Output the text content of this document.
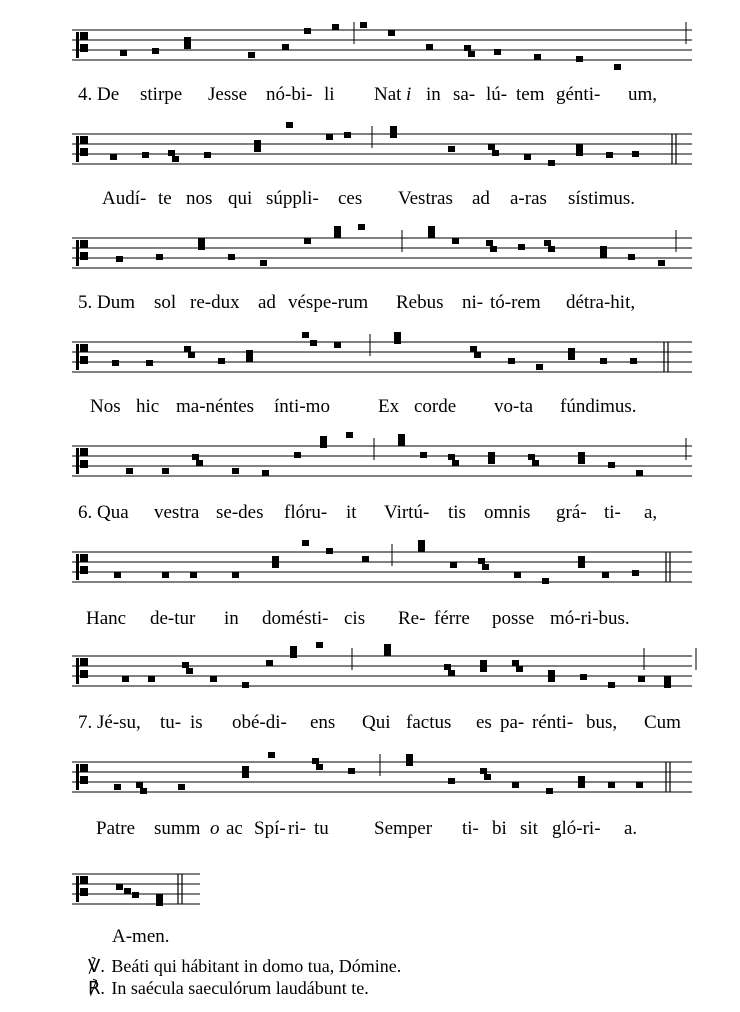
4. De stirpe Jesse nó-bi- li Nat i in sa- lú- tem génti- um,
Audí- te nos qui súppli- ces Vestras ad a-ras sístimus.
5. Dum sol re-dux ad véspe-rum Rebus ni- tó-rem détra-hit,
Nos hic ma-néntes ínti-mo	Ex corde vo-ta fúndimus.
6. Qua vestra se-des flóru- it Virtú- tis omnis grá- ti- a,
Hanc de-tur in domésti- cis Re- férre posse mó-ri-bus.
7. Jé-su, tu- is obé-di- ens Qui factus es pa- rénti- bus, Cum
Patre summ o ac Spí- ri- tu Semper ti- bi sit gló-ri- a.
A-men.
℣. Beáti qui hábitant in domo tua, Dómine.
℟. In saécula saeculórum laudábunt te.
